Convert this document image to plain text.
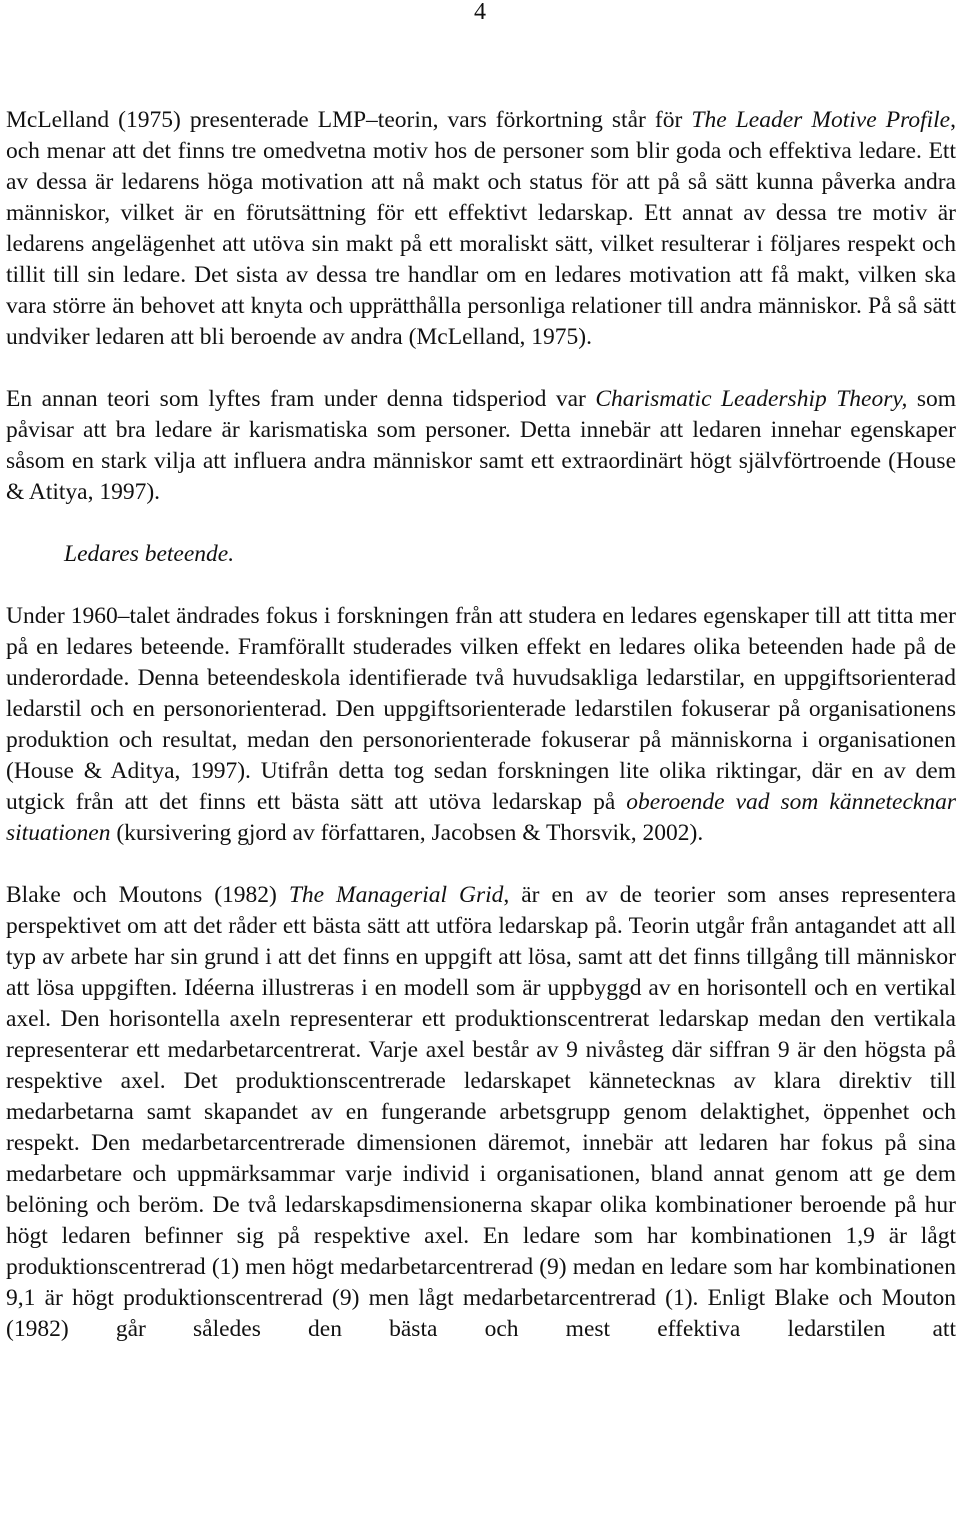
4

McLelland (1975) presenterade LMP–teorin, vars förkortning står för The Leader Motive Profile, och menar att det finns tre omedvetna motiv hos de personer som blir goda och effektiva ledare. Ett av dessa är ledarens höga motivation att nå makt och status för att på så sätt kunna påverka andra människor, vilket är en förutsättning för ett effektivt ledarskap. Ett annat av dessa tre motiv är ledarens angelägenhet att utöva sin makt på ett moraliskt sätt, vilket resulterar i följares respekt och tillit till sin ledare. Det sista av dessa tre handlar om en ledares motivation att få makt, vilken ska vara större än behovet att knyta och upprätthålla personliga relationer till andra människor. På så sätt undviker ledaren att bli beroende av andra (McLelland, 1975).

En annan teori som lyftes fram under denna tidsperiod var Charismatic Leadership Theory, som påvisar att bra ledare är karismatiska som personer. Detta innebär att ledaren innehar egenskaper såsom en stark vilja att influera andra människor samt ett extraordinärt högt självförtroende (House & Atitya, 1997).

Ledares beteende.

Under 1960–talet ändrades fokus i forskningen från att studera en ledares egenskaper till att titta mer på en ledares beteende. Framförallt studerades vilken effekt en ledares olika beteenden hade på de underordade. Denna beteendeskola identifierade två huvudsakliga ledarstilar, en uppgiftsorienterad ledarstil och en personorienterad. Den uppgiftsorienterade ledarstilen fokuserar på organisationens produktion och resultat, medan den personorienterade fokuserar på människorna i organisationen (House & Aditya, 1997). Utifrån detta tog sedan forskningen lite olika riktingar, där en av dem utgick från att det finns ett bästa sätt att utöva ledarskap på oberoende vad som kännetecknar situationen (kursivering gjord av författaren, Jacobsen & Thorsvik, 2002).

Blake och Moutons (1982) The Managerial Grid, är en av de teorier som anses representera perspektivet om att det råder ett bästa sätt att utföra ledarskap på. Teorin utgår från antagandet att all typ av arbete har sin grund i att det finns en uppgift att lösa, samt att det finns tillgång till människor att lösa uppgiften. Idéerna illustreras i en modell som är uppbyggd av en horisontell och en vertikal axel. Den horisontella axeln representerar ett produktionscentrerat ledarskap medan den vertikala representerar ett medarbetarcentrerat. Varje axel består av 9 nivåsteg där siffran 9 är den högsta på respektive axel. Det produktionscentrerade ledarskapet kännetecknas av klara direktiv till medarbetarna samt skapandet av en fungerande arbetsgrupp genom delaktighet, öppenhet och respekt. Den medarbetarcentrerade dimensionen däremot, innebär att ledaren har fokus på sina medarbetare och uppmärksammar varje individ i organisationen, bland annat genom att ge dem belöning och beröm. De två ledarskapsdimensionerna skapar olika kombinationer beroende på hur högt ledaren befinner sig på respektive axel. En ledare som har kombinationen 1,9 är lågt produktionscentrerad (1) men högt medarbetarcentrerad (9) medan en ledare som har kombinationen 9,1 är högt produktionscentrerad (9) men lågt medarbetarcentrerad (1). Enligt Blake och Mouton (1982) går således den bästa och mest effektiva ledarstilen att
